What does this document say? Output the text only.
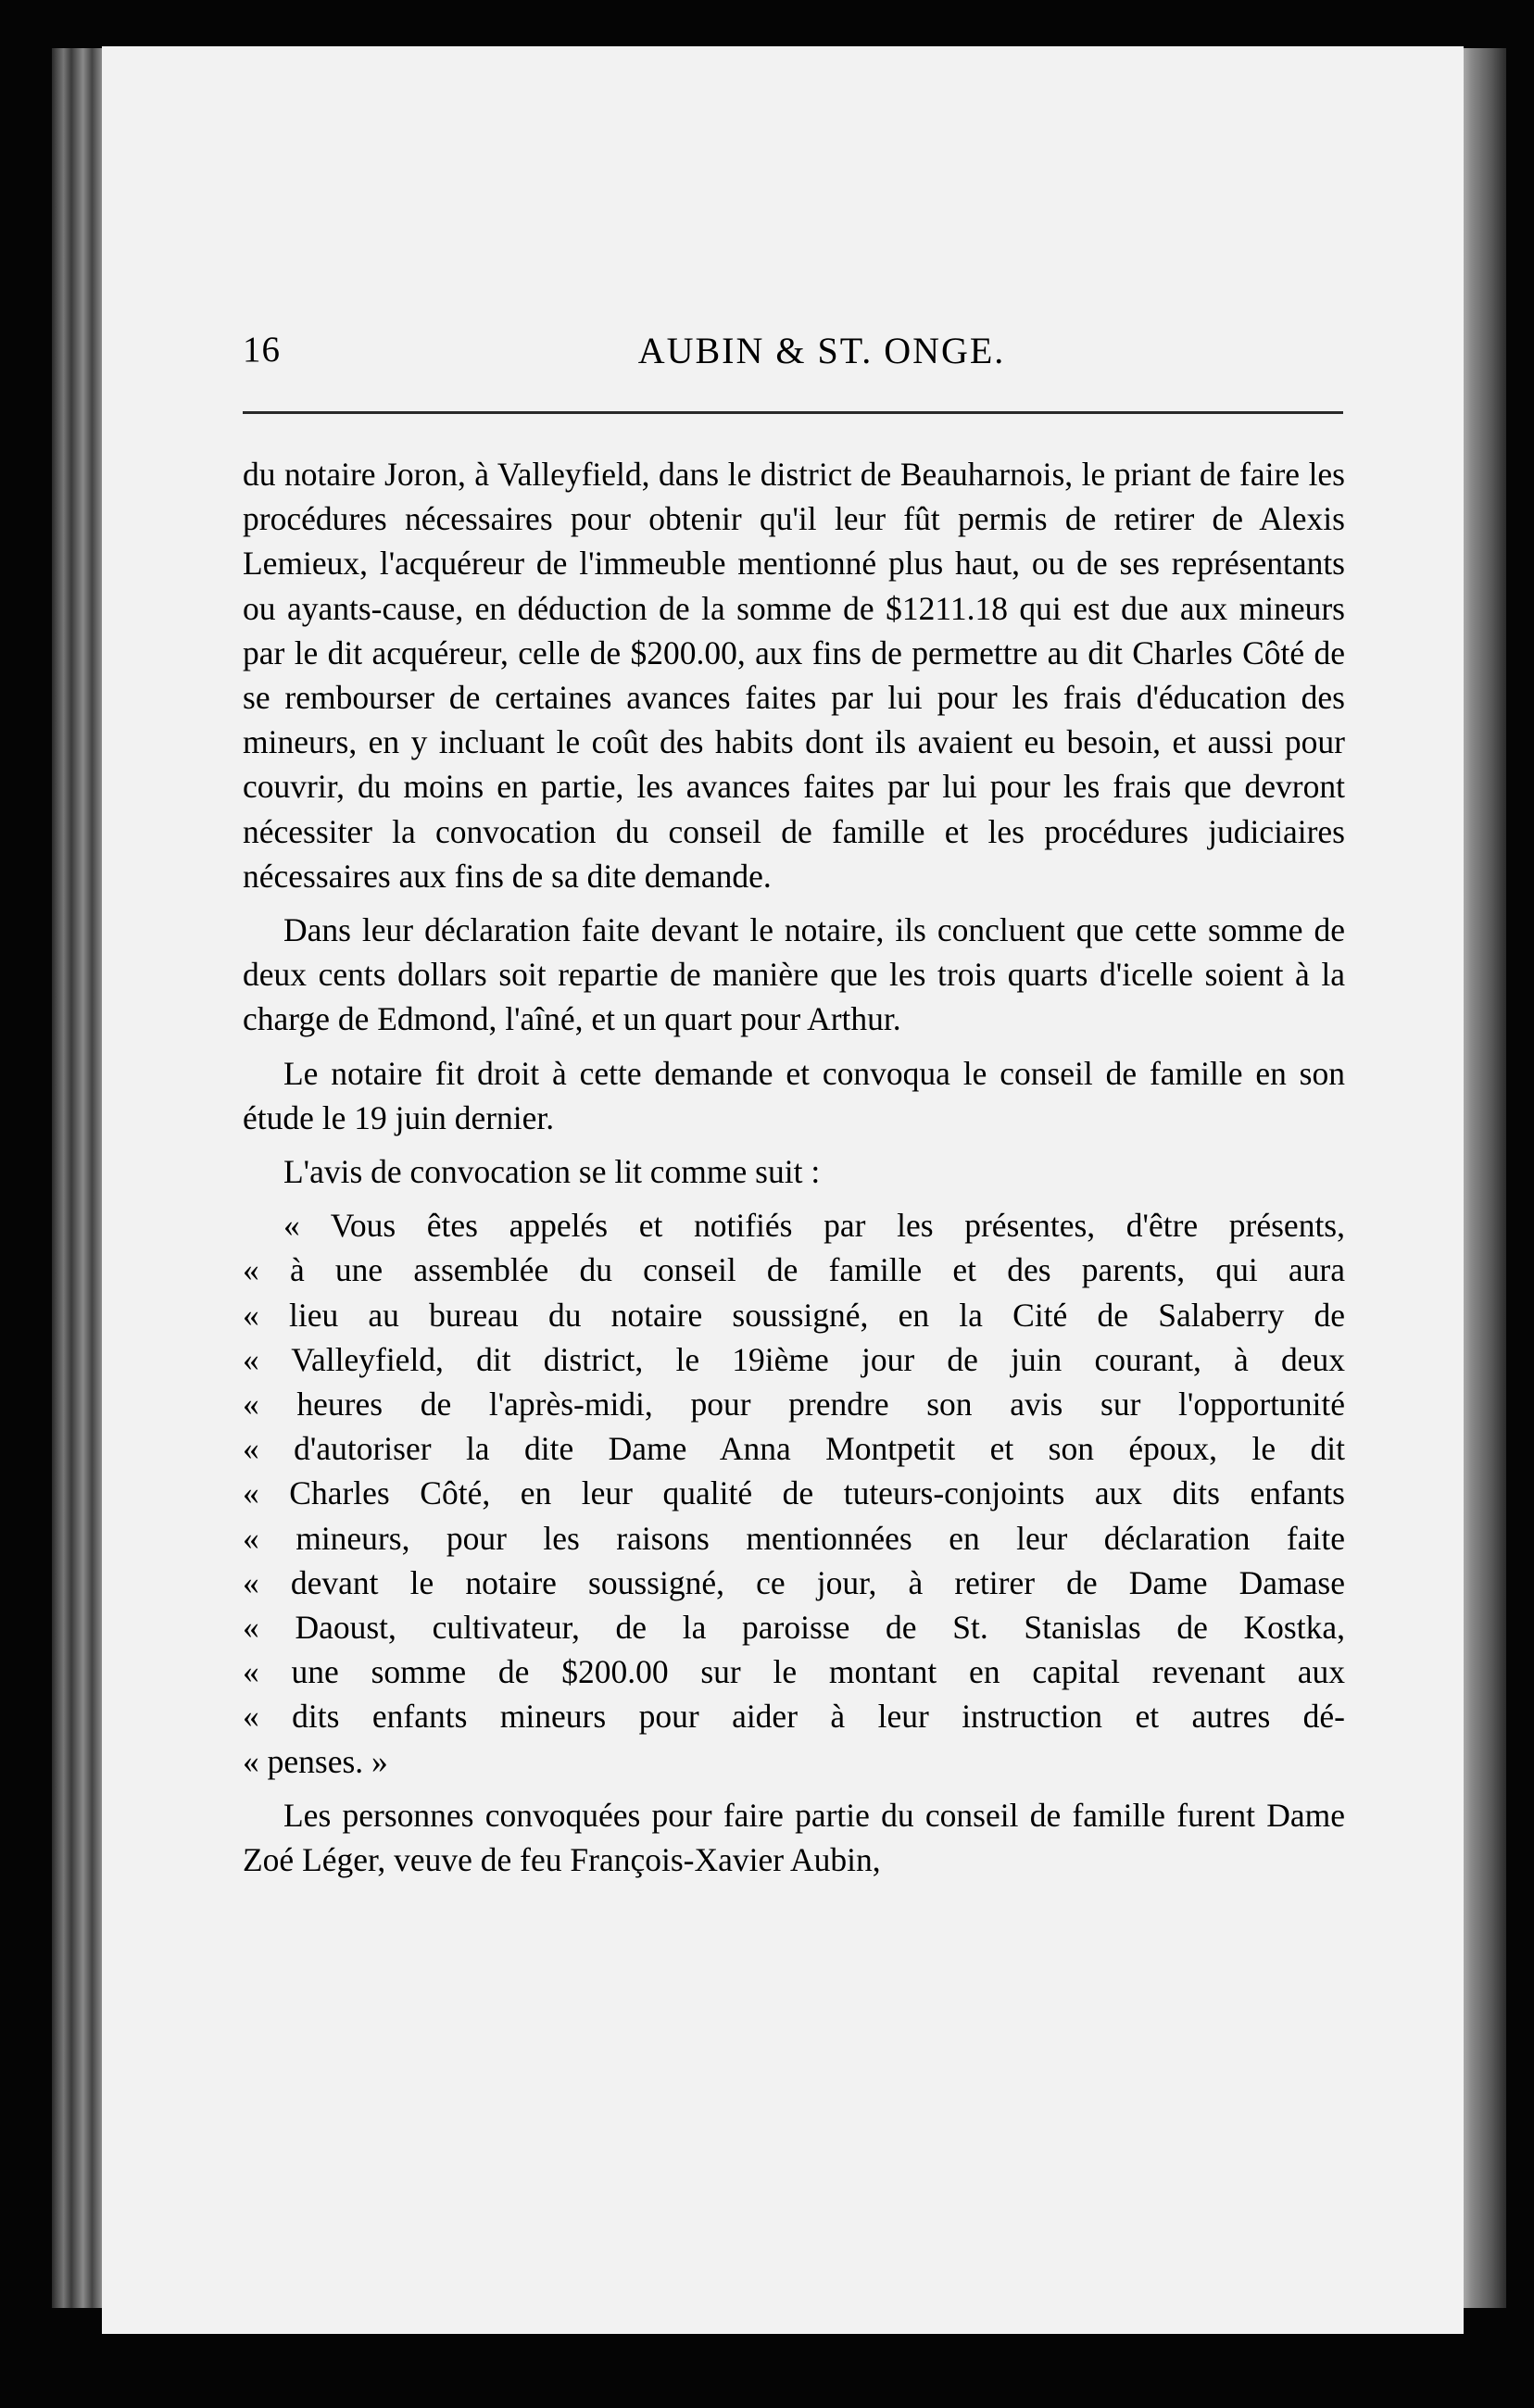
16	AUBIN & ST. ONGE.

du notaire Joron, à Valleyfield, dans le district de Beauharnois, le priant de faire les procédures nécessaires pour obtenir qu'il leur fût permis de retirer de Alexis Lemieux, l'acquéreur de l'immeuble mentionné plus haut, ou de ses représentants ou ayants-cause, en déduction de la somme de $1211.18 qui est due aux mineurs par le dit acquéreur, celle de $200.00, aux fins de permettre au dit Charles Côté de se rembourser de certaines avances faites par lui pour les frais d'éducation des mineurs, en y incluant le coût des habits dont ils avaient eu besoin, et aussi pour couvrir, du moins en partie, les avances faites par lui pour les frais que devront nécessiter la convocation du conseil de famille et les procédures judiciaires nécessaires aux fins de sa dite demande.

Dans leur déclaration faite devant le notaire, ils concluent que cette somme de deux cents dollars soit repartie de manière que les trois quarts d'icelle soient à la charge de Edmond, l'aîné, et un quart pour Arthur.

Le notaire fit droit à cette demande et convoqua le conseil de famille en son étude le 19 juin dernier.

L'avis de convocation se lit comme suit :

« Vous êtes appelés et notifiés par les présentes, d'être présents,

« à une assemblée du conseil de famille et des parents, qui aura

« lieu au bureau du notaire soussigné, en la Cité de Salaberry de

« Valleyfield, dit district, le 19ième jour de juin courant, à deux

« heures de l'après-midi, pour prendre son avis sur l'opportunité

« d'autoriser la dite Dame Anna Montpetit et son époux, le dit

« Charles Côté, en leur qualité de tuteurs-conjoints aux dits enfants

« mineurs, pour les raisons mentionnées en leur déclaration faite

« devant le notaire soussigné, ce jour, à retirer de Dame Damase

« Daoust, cultivateur, de la paroisse de St. Stanislas de Kostka,

« une somme de $200.00 sur le montant en capital revenant aux

« dits enfants mineurs pour aider à leur instruction et autres dé-

« penses. »

Les personnes convoquées pour faire partie du conseil de famille furent Dame Zoé Léger, veuve de feu François-Xavier Aubin,
